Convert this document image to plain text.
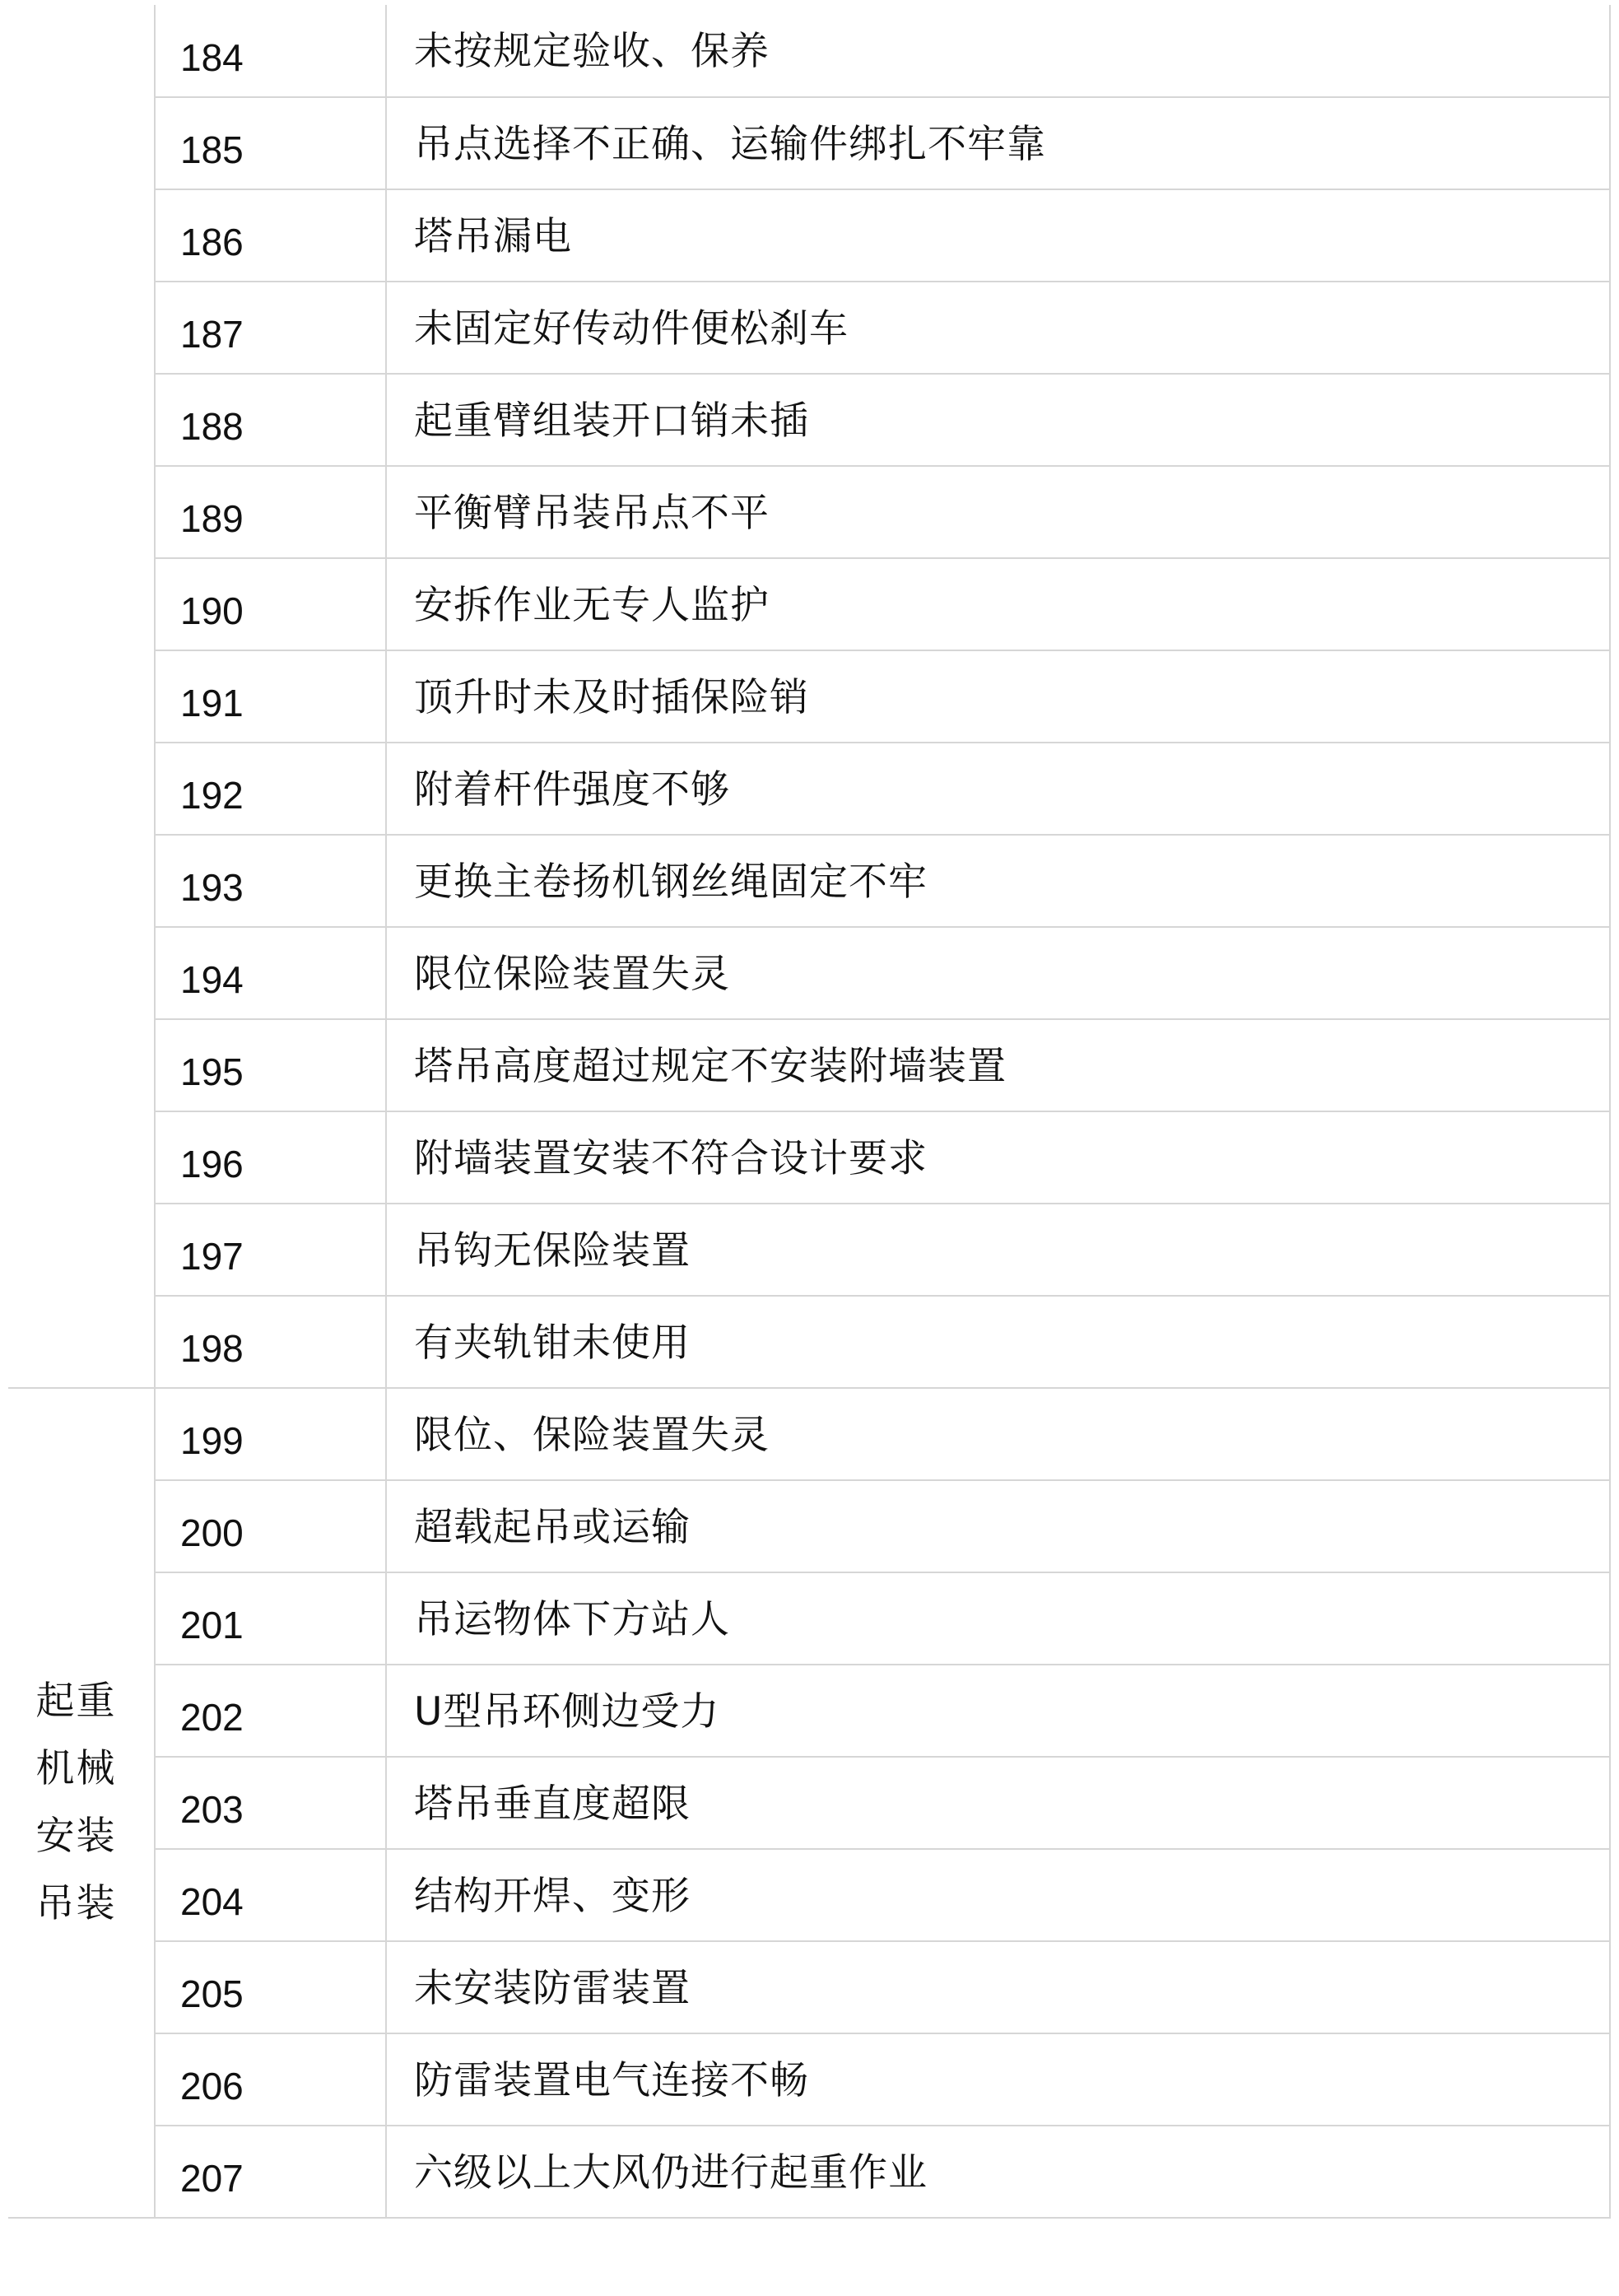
	184	未按规定验收、保养
	185	吊点选择不正确、运输件绑扎不牢靠
	186	塔吊漏电
	187	未固定好传动件便松刹车
	188	起重臂组装开口销未插
	189	平衡臂吊装吊点不平
	190	安拆作业无专人监护
	191	顶升时未及时插保险销
	192	附着杆件强度不够
	193	更换主卷扬机钢丝绳固定不牢
	194	限位保险装置失灵
	195	塔吊高度超过规定不安装附墙装置
	196	附墙装置安装不符合设计要求
	197	吊钩无保险装置
	198	有夹轨钳未使用
起重机械安装吊装	199	限位、保险装置失灵
	200	超载起吊或运输
	201	吊运物体下方站人
	202	U型吊环侧边受力
	203	塔吊垂直度超限
	204	结构开焊、变形
	205	未安装防雷装置
	206	防雷装置电气连接不畅
	207	六级以上大风仍进行起重作业
